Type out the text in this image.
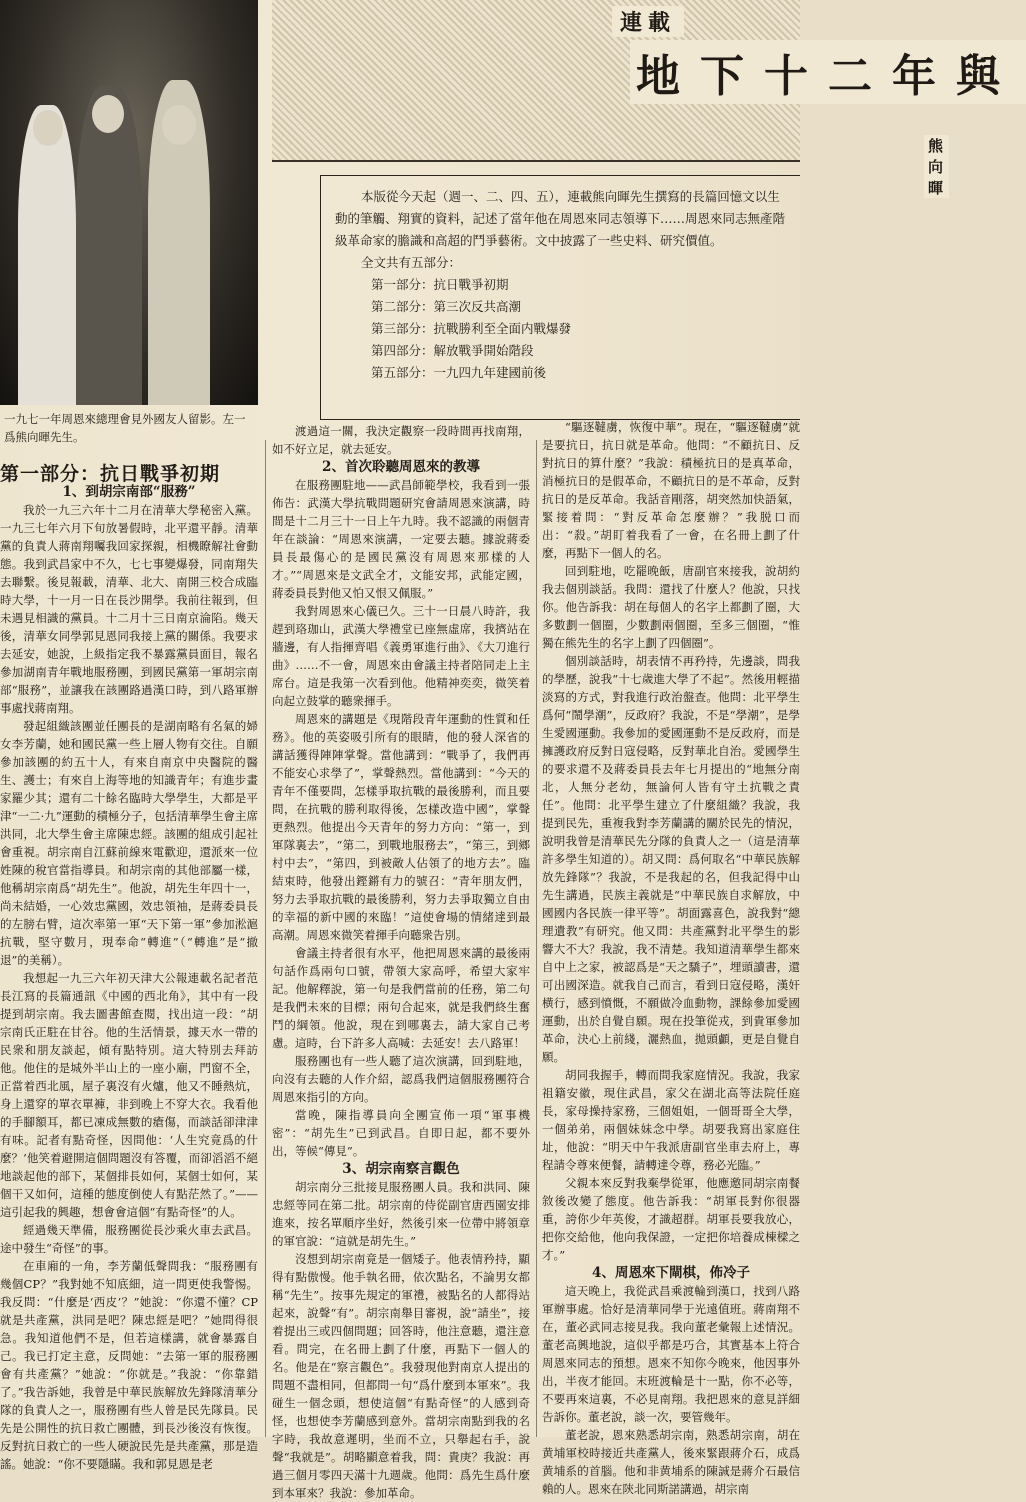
一九七一年周恩來總理會見外國友人留影。左一爲熊向暉先生。
連載
地下十二年與
熊向暉

本版從今天起（週一、二、四、五），連載熊向暉先生撰寫的長篇回憶文以生動的筆觸、翔實的資料，記述了當年他在周恩來同志領導下……周恩來同志無產階級革命家的膽識和高超的鬥爭藝術。文中披露了一些史料、研究價值。

全文共有五部分：

第一部分：抗日戰爭初期
第二部分：第三次反共高潮
第三部分：抗戰勝利至全面内戰爆發
第四部分：解放戰爭開始階段
第五部分：一九四九年建國前後

第一部分：抗日戰爭初期

1、到胡宗南部“服務”

我於一九三六年十二月在清華大學秘密入黨。一九三七年六月下旬放暑假時，北平還平靜。清華黨的負責人蔣南翔囑我回家探親，相機瞭解社會動態。我到武昌家中不久，七七事變爆發，同南翔失去聯繫。後見報載，清華、北大、南開三校合成臨時大學，十一月一日在長沙開學。我前往報到，但未遇見相識的黨員。十二月十三日南京淪陷。幾天後，清華女同學郭見恩同我接上黨的關係。我要求去延安，她說，上級指定我不暴露黨員面目，報名參加湖南青年戰地服務團，到國民黨第一軍胡宗南部“服務”，並讓我在該團路過漢口時，到八路軍辦事處找蔣南翔。

發起組織該團並任團長的是湖南略有名氣的婦女李芳蘭，她和國民黨一些上層人物有交往。自願參加該團的約五十人，有來自南京中央醫院的醫生、護士；有來自上海等地的知識青年；有進步畫家羅少其；還有二十餘名臨時大學學生，大都是平津“一二·九”運動的積極分子，包括清華學生會主席洪同，北大學生會主席陳忠經。該團的組成引起社會重視。胡宗南自江蘇前線來電歡迎，還派來一位姓陳的稅官當指導員。和胡宗南的其他部屬一樣，他稱胡宗南爲“胡先生”。他說，胡先生年四十一，尚未結婚，一心效忠黨國，效忠領袖，是蔣委員長的左膀右臂，這次率第一軍“天下第一軍”參加淞滬抗戰，堅守數月，現奉命“轉進”（“轉進”是“撤退”的美稱）。

我想起一九三六年初天津大公報連載名記者范長江寫的長篇通訊《中國的西北角》，其中有一段提到胡宗南。我去圖書館查閱，找出這一段：“胡宗南氏正駐在甘谷。他的生活情景，據天水一帶的民衆和朋友談起，傾有點特別。這大特別去拜訪他。他住的是城外半山上的一座小廟，門窗不全，正當着西北風，屋子裏沒有火爐，他又不睡熱炕，身上還穿的單衣單褲，非到晚上不穿大衣。我看他的手腳額耳，都已凍成無數的瘡傷，而談話卻津津有味。記者有點奇怪，因問他：‘人生究竟爲的什麼？’他笑着避開這個問題沒有答覆，而卻滔滔不絕地談起他的部下，某個排長如何，某個士如何，某個干又如何，這種的態度倒使人有點茫然了。”——這引起我的興趣，想會會這個“有點奇怪”的人。

經過幾天準備，服務團從長沙乘火車去武昌。途中發生“奇怪”的事。

在車廂的一角，李芳蘭低聲問我：“服務團有幾個CP？”我對她不知底細，這一問更使我警惕。我反問：“什麼是‘西皮’？”她說：“你還不懂？CP就是共產黨，洪同是吧？陳忠經是吧？”她問得很急。我知道他們不是，但若這樣講，就會暴露自己。我已打定主意，反問她：“去第一軍的服務團會有共產黨？”她說：“你就是。”我說：“你靠錯了。”我告訴她，我曾是中華民族解放先鋒隊清華分隊的負責人之一，服務團有些人曾是民先隊員。民先是公開性的抗日救亡團體，到長沙後沒有恢復。反對抗日救亡的一些人硬說民先是共產黨，那是造謠。她說：“你不要隱瞞。我和郭見恩是老

渡過這一關，我決定觀察一段時間再找南翔，如不好立足，就去延安。

2、首次聆聽周恩來的教導

在服務團駐地——武昌師範學校，我看到一張佈告：武漢大學抗戰問題研究會請周恩來演講，時間是十二月三十一日上午九時。我不認識的兩個青年在談論：“周恩來演講，一定要去聽。據說蔣委員長最傷心的是國民黨沒有周恩來那樣的人才。”“周恩來是文武全才，文能安邦，武能定國，蔣委員長對他又怕又恨又佩服。”

我對周恩來心儀已久。三十一日晨八時許，我趕到珞珈山，武漢大學禮堂已座無虛席，我擠站在牆邊，有人指揮齊唱《義勇軍進行曲》、《大刀進行曲》……不一會，周恩來由會議主持者陪同走上主席台。這是我第一次看到他。他精神奕奕，微笑着向起立鼓掌的聽衆揮手。

周恩來的講題是《現階段青年運動的性質和任務》。他的英姿吸引所有的眼睛，他的發人深省的講話獲得陣陣掌聲。當他講到：“戰爭了，我們再不能安心求學了”，掌聲熱烈。當他講到：“今天的青年不僅要問，怎樣爭取抗戰的最後勝利，而且要問，在抗戰的勝利取得後，怎樣改造中國”，掌聲更熱烈。他提出今天青年的努力方向：“第一，到軍隊裏去”，“第二，到戰地服務去”，“第三，到鄉村中去”，“第四，到被敵人佔領了的地方去”。臨結束時，他發出鏗鏘有力的號召：“青年朋友們，努力去爭取抗戰的最後勝利，努力去爭取獨立自由的幸福的新中國的來臨！”這使會場的情緒達到最高潮。周恩來微笑着揮手向聽衆告別。

會議主持者很有水平，他把周恩來講的最後兩句話作爲兩句口號，帶領大家高呼，希望大家牢記。他解釋說，第一句是我們當前的任務，第二句是我們未來的目標；兩句合起來，就是我們終生奮鬥的綱領。他說，現在到哪裏去，請大家自己考慮。這時，台下許多人高喊：去延安！去八路軍！

服務團也有一些人聽了這次演講，回到駐地，向沒有去聽的人作介紹，認爲我們這個服務團符合周恩來指引的方向。

當晚，陳指導員向全團宣佈一項“軍事機密”：“胡先生”已到武昌。自即日起，都不要外出，等候“傳見”。

3、胡宗南察言觀色

胡宗南分三批接見服務團人員。我和洪同、陳忠經等同在第二批。胡宗南的侍從副官唐西園安排進來，按名單順序坐好，然後引來一位帶中將領章的軍官說：“這就是胡先生。”

沒想到胡宗南竟是一個矮子。他表情矜持，顯得有點傲慢。他手執名冊，依次點名，不論男女都稱“先生”。按事先規定的軍禮，被點名的人都得站起來，說聲“有”。胡宗南舉目審視，說“請坐”，接着提出三或四個問題；回答時，他注意聽，還注意看。問完，在名冊上劃了什麼，再點下一個人的名。他是在“察言觀色”。我發現他對南京人提出的問題不盡相同，但都問一句“爲什麼到本軍來”。我碰生一個念頭，想使這個“有點奇怪”的人感到奇怪，也想使李芳蘭感到意外。當胡宗南點到我的名字時，我故意遲明，坐而不立，只舉起右手，說聲“我就是”。胡略顯意着我，問：貴庚？我說：再過三個月零四天滿十九週歲。他問：爲先生爲什麼到本軍來？我說：參加革命。

“驅逐韃虜，恢復中華”。現在，“驅逐韃虜”就是要抗日，抗日就是革命。他問：“不顧抗日、反對抗日的算什麼？”我說：積極抗日的是真革命，消極抗日的是假革命，不顧抗日的是不革命，反對抗日的是反革命。我話音剛落，胡突然加快語氣，緊接着問：“對反革命怎麼辦？”我脱口而出：“殺。”胡盯着我看了一會，在名冊上劃了什麼，再點下一個人的名。

回到駐地，吃罷晚飯，唐副官來接我，說胡約我去個別談話。我問：還找了什麼人？他說，只找你。他告訴我：胡在每個人的名字上都劃了圈，大多數劃一個圈，少數劃兩個圈，至多三個圈，“惟獨在熊先生的名字上劃了四個圈”。

個別談話時，胡表情不再矜持，先邊談，問我的學歷，說我“十七歲進大學了不起”。然後用輕描淡寫的方式，對我進行政治盤查。他問：北平學生爲何“鬧學潮”，反政府？我說，不是“學潮”，是學生愛國運動。我參加的愛國運動不是反政府，而是擁護政府反對日寇侵略，反對華北自治。愛國學生的要求還不及蔣委員長去年七月提出的“地無分南北，人無分老幼，無論何人皆有守土抗戰之責任”。他問：北平學生建立了什麼組織？我說，我提到民先，重複我對李芳蘭講的關於民先的情況，說明我曾是清華民先分隊的負責人之一（這是清華許多學生知道的）。胡又問：爲何取名“中華民族解放先鋒隊”？我說，不是我起的名，但我記得中山先生講過，民族主義就是“中華民族自求解放，中國國内各民族一律平等”。胡面露喜色，說我對“總理遺教”有研究。他又問：共產黨對北平學生的影響大不大？我說，我不清楚。我知道清華學生都來自中上之家，被認爲是“天之驕子”，埋頭讀書，還可出國深造。就我自己而言，看到日寇侵略，漢奸横行，感到憤慨，不願做冷血動物，課餘參加愛國運動，出於自覺自願。現在投筆從戎，到貴軍參加革命，決心上前綫，灑熱血，拋頭顱，更是自覺自願。

胡同我握手，轉而問我家庭情況。我說，我家祖籍安徽，現住武昌，家父在湖北高等法院任庭長，家母操持家務，三個姐姐，一個哥哥全大學，一個弟弟，兩個妹妹念中學。胡要我寫出家庭住址，他說：“明天中午我派唐副官坐車去府上，專程請令尊來便餐，請轉達令尊，務必光臨。”

父親本來反對我棄學從軍，他應邀同胡宗南餐敘後改變了態度。他告訴我：“胡軍長對你很器重，誇你少年英俊，才識超群。胡軍長要我放心，把你交給他，他向我保證，一定把你培養成棟樑之才。”

4、周恩來下閘棋，佈冷子

這天晚上，我從武昌乘渡輪到漢口，找到八路軍辦事處。恰好是清華同學于光遠值班。蔣南翔不在，董必武同志接見我。我向董老彙報上述情況。董老高興地說，這似乎都是巧合，其實基本上符合周恩來同志的預想。恩來不知你今晚來，他因事外出，半夜才能回。末班渡輪是十一點，你不必等，不要再來這裏，不必見南翔。我把恩來的意見詳細告訴你。董老說，談一次，要管幾年。

董老說，恩來熟悉胡宗南，熟悉胡宗南，胡在黄埔軍校時接近共產黨人，後來緊跟蔣介石，成爲黄埔系的首腦。他和非黄埔系的陳誠是蔣介石最信賴的人。恩來在陝北同斯諾講過，胡宗南
